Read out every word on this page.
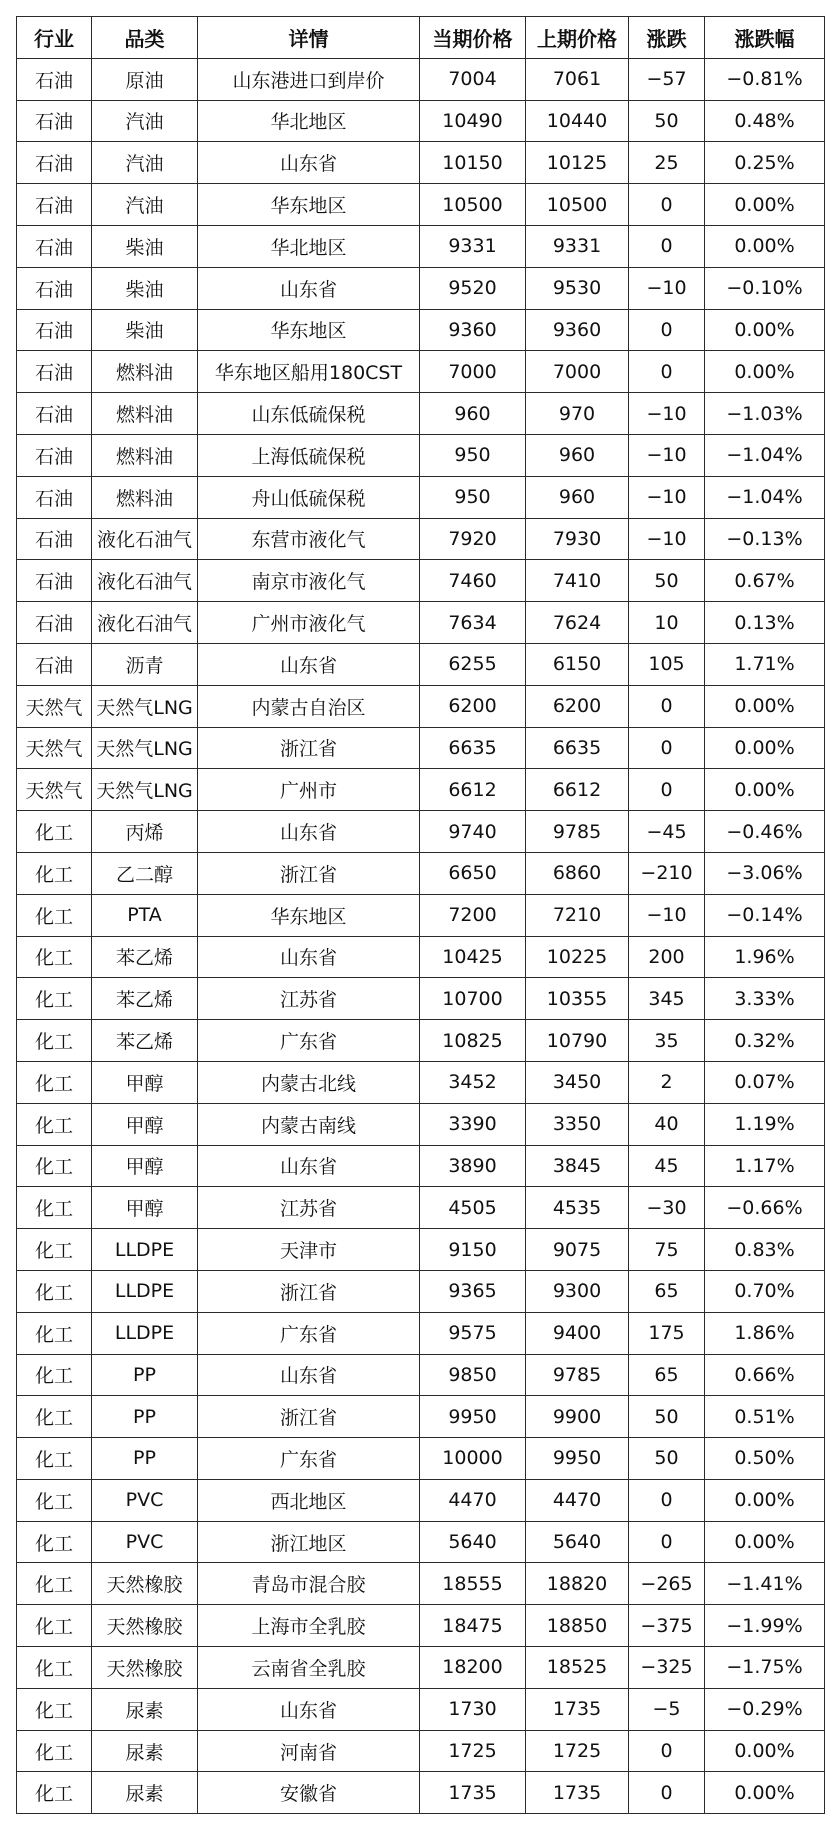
行业	品类	详情	当期价格	上期价格	涨跌	涨跌幅
石油	原油	山东港进口到岸价	7004	7061	−57	−0.81%
石油	汽油	华北地区	10490	10440	50	0.48%
石油	汽油	山东省	10150	10125	25	0.25%
石油	汽油	华东地区	10500	10500	0	0.00%
石油	柴油	华北地区	9331	9331	0	0.00%
石油	柴油	山东省	9520	9530	−10	−0.10%
石油	柴油	华东地区	9360	9360	0	0.00%
石油	燃料油	华东地区船用180CST	7000	7000	0	0.00%
石油	燃料油	山东低硫保税	960	970	−10	−1.03%
石油	燃料油	上海低硫保税	950	960	−10	−1.04%
石油	燃料油	舟山低硫保税	950	960	−10	−1.04%
石油	液化石油气	东营市液化气	7920	7930	−10	−0.13%
石油	液化石油气	南京市液化气	7460	7410	50	0.67%
石油	液化石油气	广州市液化气	7634	7624	10	0.13%
石油	沥青	山东省	6255	6150	105	1.71%
天然气	天然气LNG	内蒙古自治区	6200	6200	0	0.00%
天然气	天然气LNG	浙江省	6635	6635	0	0.00%
天然气	天然气LNG	广州市	6612	6612	0	0.00%
化工	丙烯	山东省	9740	9785	−45	−0.46%
化工	乙二醇	浙江省	6650	6860	−210	−3.06%
化工	PTA	华东地区	7200	7210	−10	−0.14%
化工	苯乙烯	山东省	10425	10225	200	1.96%
化工	苯乙烯	江苏省	10700	10355	345	3.33%
化工	苯乙烯	广东省	10825	10790	35	0.32%
化工	甲醇	内蒙古北线	3452	3450	2	0.07%
化工	甲醇	内蒙古南线	3390	3350	40	1.19%
化工	甲醇	山东省	3890	3845	45	1.17%
化工	甲醇	江苏省	4505	4535	−30	−0.66%
化工	LLDPE	天津市	9150	9075	75	0.83%
化工	LLDPE	浙江省	9365	9300	65	0.70%
化工	LLDPE	广东省	9575	9400	175	1.86%
化工	PP	山东省	9850	9785	65	0.66%
化工	PP	浙江省	9950	9900	50	0.51%
化工	PP	广东省	10000	9950	50	0.50%
化工	PVC	西北地区	4470	4470	0	0.00%
化工	PVC	浙江地区	5640	5640	0	0.00%
化工	天然橡胶	青岛市混合胶	18555	18820	−265	−1.41%
化工	天然橡胶	上海市全乳胶	18475	18850	−375	−1.99%
化工	天然橡胶	云南省全乳胶	18200	18525	−325	−1.75%
化工	尿素	山东省	1730	1735	−5	−0.29%
化工	尿素	河南省	1725	1725	0	0.00%
化工	尿素	安徽省	1735	1735	0	0.00%
